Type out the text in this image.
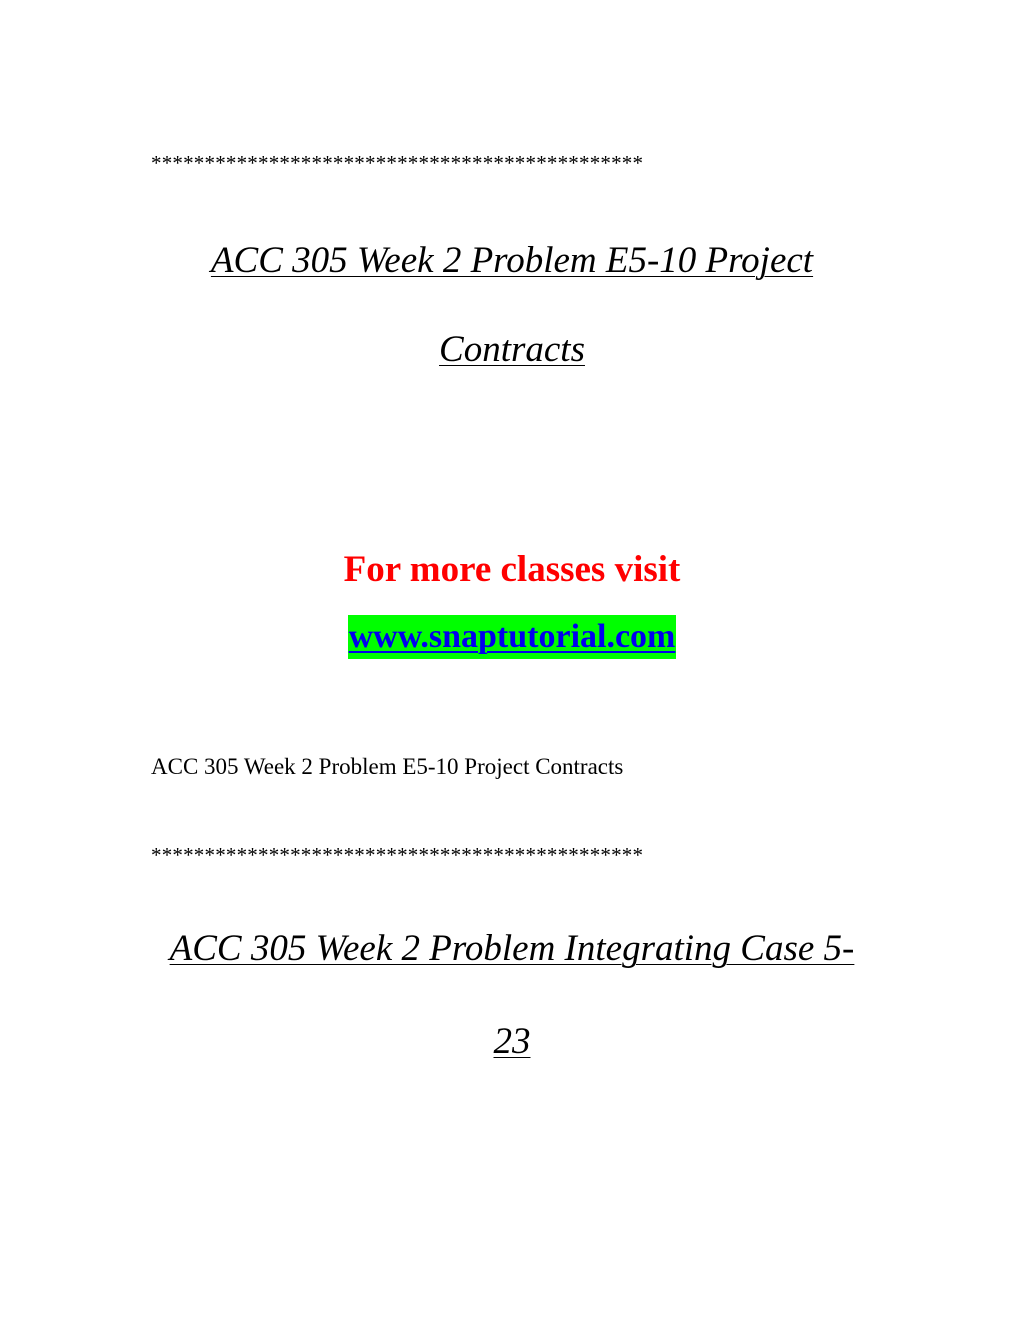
**********************************************
ACC 305 Week 2 Problem E5-10 Project
Contracts
For more classes visit
www.snaptutorial.com
ACC 305 Week 2 Problem E5-10 Project Contracts
**********************************************
ACC 305 Week 2 Problem Integrating Case 5-
23
